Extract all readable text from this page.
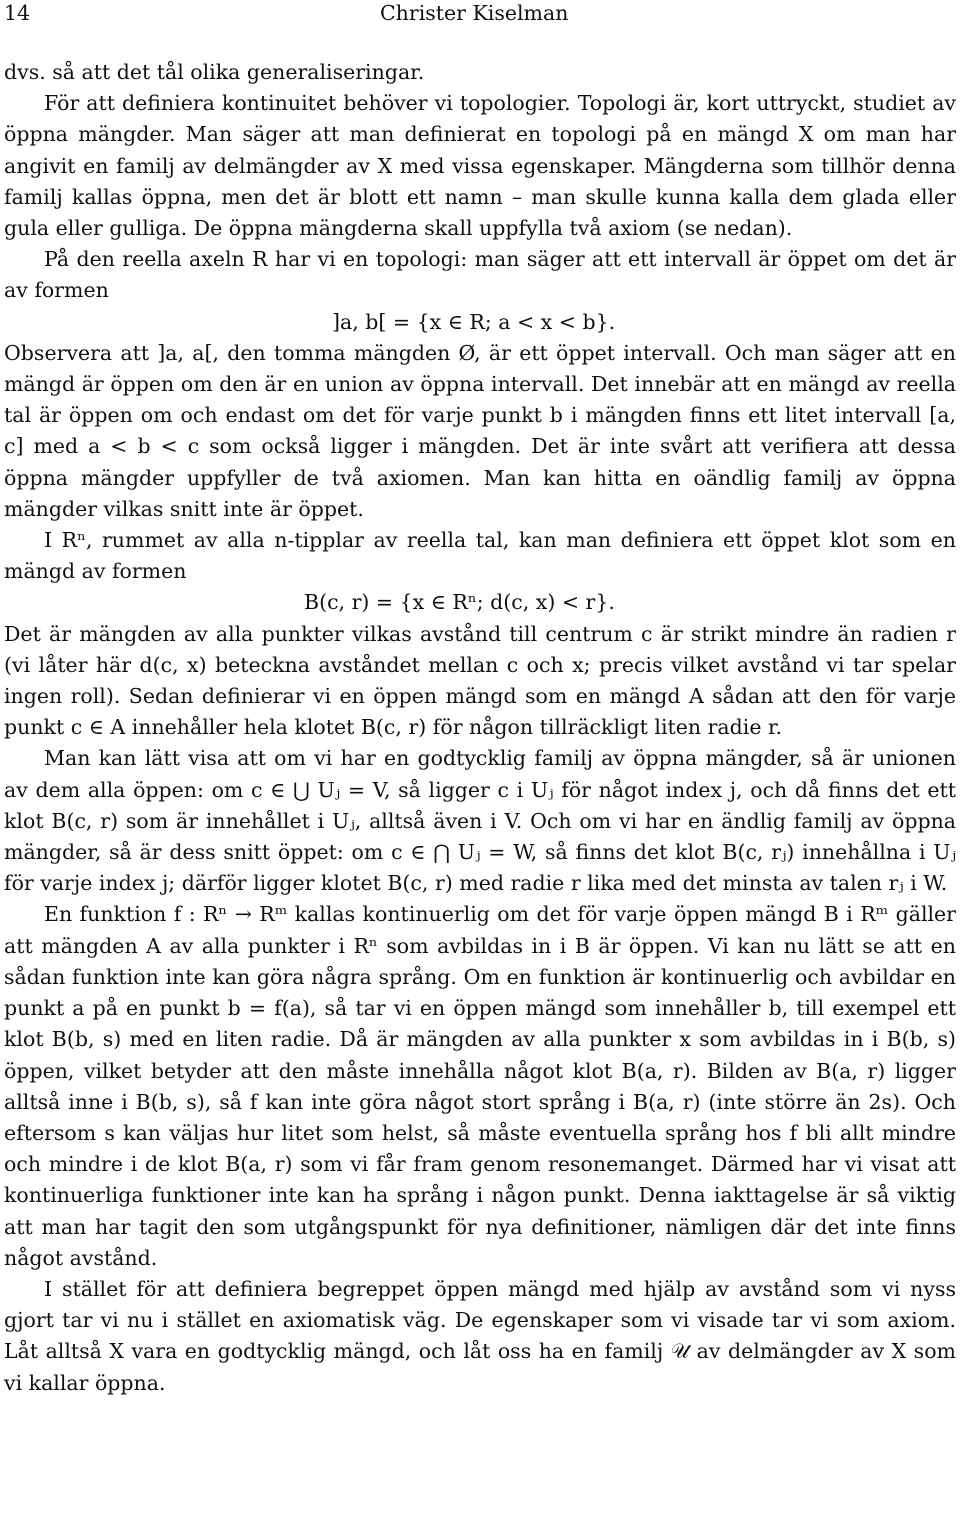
14	Christer Kiselman

dvs. så att det tål olika generaliseringar.

För att definiera kontinuitet behöver vi topologier. Topologi är, kort uttryckt, studiet av öppna mängder. Man säger att man definierat en topologi på en mängd X om man har angivit en familj av delmängder av X med vissa egenskaper. Mängderna som tillhör denna familj kallas öppna, men det är blott ett namn – man skulle kunna kalla dem glada eller gula eller gulliga. De öppna mängderna skall uppfylla två axiom (se nedan).

På den reella axeln R har vi en topologi: man säger att ett intervall är öppet om det är av formen

]a, b[ = {x ∈ R; a < x < b}.

Observera att ]a, a[, den tomma mängden Ø, är ett öppet intervall. Och man säger att en mängd är öppen om den är en union av öppna intervall. Det innebär att en mängd av reella tal är öppen om och endast om det för varje punkt b i mängden finns ett litet intervall [a, c] med a < b < c som också ligger i mängden. Det är inte svårt att verifiera att dessa öppna mängder uppfyller de två axiomen. Man kan hitta en oändlig familj av öppna mängder vilkas snitt inte är öppet.

I Rⁿ, rummet av alla n-tipplar av reella tal, kan man definiera ett öppet klot som en mängd av formen

B(c, r) = {x ∈ Rⁿ; d(c, x) < r}.

Det är mängden av alla punkter vilkas avstånd till centrum c är strikt mindre än radien r (vi låter här d(c, x) beteckna avståndet mellan c och x; precis vilket avstånd vi tar spelar ingen roll). Sedan definierar vi en öppen mängd som en mängd A sådan att den för varje punkt c ∈ A innehåller hela klotet B(c, r) för någon tillräckligt liten radie r.

Man kan lätt visa att om vi har en godtycklig familj av öppna mängder, så är unionen av dem alla öppen: om c ∈ ⋃ Uⱼ = V, så ligger c i Uⱼ för något index j, och då finns det ett klot B(c, r) som är innehållet i Uⱼ, alltså även i V. Och om vi har en ändlig familj av öppna mängder, så är dess snitt öppet: om c ∈ ⋂ Uⱼ = W, så finns det klot B(c, rⱼ) innehållna i Uⱼ för varje index j; därför ligger klotet B(c, r) med radie r lika med det minsta av talen rⱼ i W.

En funktion f : Rⁿ → Rᵐ kallas kontinuerlig om det för varje öppen mängd B i Rᵐ gäller att mängden A av alla punkter i Rⁿ som avbildas in i B är öppen. Vi kan nu lätt se att en sådan funktion inte kan göra några språng. Om en funktion är kontinuerlig och avbildar en punkt a på en punkt b = f(a), så tar vi en öppen mängd som innehåller b, till exempel ett klot B(b, s) med en liten radie. Då är mängden av alla punkter x som avbildas in i B(b, s) öppen, vilket betyder att den måste innehålla något klot B(a, r). Bilden av B(a, r) ligger alltså inne i B(b, s), så f kan inte göra något stort språng i B(a, r) (inte större än 2s). Och eftersom s kan väljas hur litet som helst, så måste eventuella språng hos f bli allt mindre och mindre i de klot B(a, r) som vi får fram genom resonemanget. Därmed har vi visat att kontinuerliga funktioner inte kan ha språng i någon punkt. Denna iakttagelse är så viktig att man har tagit den som utgångspunkt för nya definitioner, nämligen där det inte finns något avstånd.

I stället för att definiera begreppet öppen mängd med hjälp av avstånd som vi nyss gjort tar vi nu i stället en axiomatisk väg. De egenskaper som vi visade tar vi som axiom. Låt alltså X vara en godtycklig mängd, och låt oss ha en familj 𝒰 av delmängder av X som vi kallar öppna.
